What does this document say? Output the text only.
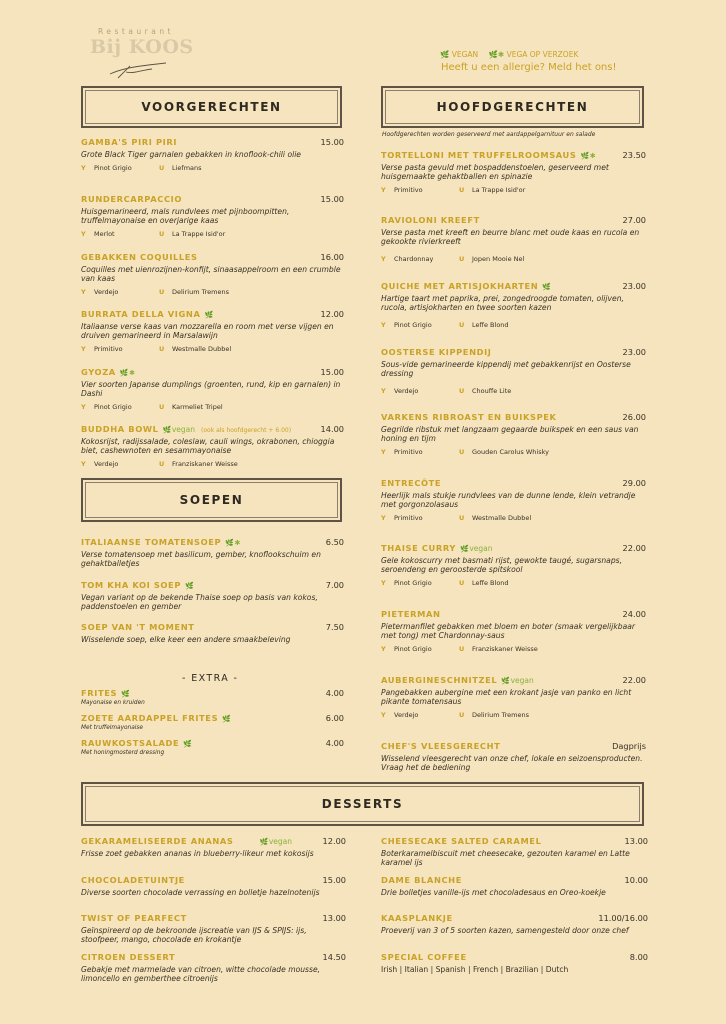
Restaurant
Bij KOOS	🌿 VEGAN 🌿✱ VEGA OP VERZOEK
Heeft u een allergie? Meld het ons!
VOORGERECHTEN	HOOFDGERECHTEN
Hoofdgerechten worden geserveerd met aardappelgarnituur en salade
SOEPEN
- EXTRA -
DESSERTS
GAMBA'S PIRI PIRI	15.00
Grote Black Tiger garnalen gebakken in knoflook-chili olie
Y Pinot Grigio	U Liefmans
RUNDERCARPACCIO	15.00
Huisgemarineerd, mals rundvlees met pijnboompitten, truffelmayonaise en overjarige kaas
Y Merlot	U La Trappe Isid'or
GEBAKKEN COQUILLES	16.00
Coquilles met uienrozijnen-konfijt, sinaasappelroom en een crumble van kaas
Y Verdejo	U Delirium Tremens
BURRATA DELLA VIGNA 🌿	12.00
Italiaanse verse kaas van mozzarella en room met verse vijgen en druiven gemarineerd in Marsalawijn
Y Primitivo	U Westmalle Dubbel
GYOZA 🌿✱	15.00
Vier soorten Japanse dumplings (groenten, rund, kip en garnalen) in Dashi
Y Pinot Grigio	U Karmeliet Tripel
BUDDHA BOWL 🌿vegan (ook als hoofdgerecht + 6.00)	14.00
Kokosrijst, radijssalade, coleslaw, cauli wings, okrabonen, chioggia biet, cashewnoten en sesammayonaise
Y Verdejo	U Franziskaner Weisse
ITALIAANSE TOMATENSOEP 🌿✱	6.50
Verse tomatensoep met basilicum, gember, knoflookschuim en gehaktballetjes
TOM KHA KOI SOEP 🌿	7.00
Vegan variant op de bekende Thaise soep op basis van kokos, paddenstoelen en gember
SOEP VAN 'T MOMENT	7.50
Wisselende soep, elke keer een andere smaakbeleving
FRITES 🌿	4.00
Mayonaise en kruiden
ZOETE AARDAPPEL FRITES 🌿	6.00
Met truffelmayonaise
RAUWKOSTSALADE 🌿	4.00
Met honingmosterd dressing
TORTELLONI MET TRUFFELROOMSAUS 🌿✱	23.50
Verse pasta gevuld met bospaddenstoelen, geserveerd met huisgemaakte gehaktballen en spinazie
Y Primitivo	U La Trappe Isid'or
RAVIOLONI KREEFT	27.00
Verse pasta met kreeft en beurre blanc met oude kaas en rucola en gekookte rivierkreeft
Y Chardonnay	U Jopen Mooie Nel
QUICHE MET ARTISJOKHARTEN 🌿	23.00
Hartige taart met paprika, prei, zongedroogde tomaten, olijven, rucola, artisjokharten en twee soorten kazen
Y Pinot Grigio	U Leffe Blond
OOSTERSE KIPPENDIJ	23.00
Sous-vide gemarineerde kippendij met gebakkenrijst en Oosterse dressing
Y Verdejo	U Chouffe Lite
VARKENS RIBROAST EN BUIKSPEK	26.00
Gegrilde ribstuk met langzaam gegaarde buikspek en een saus van honing en tijm
Y Primitivo	U Gouden Carolus Whisky
ENTRECÔTE	29.00
Heerlijk mals stukje rundvlees van de dunne lende, klein vetrandje met gorgonzolasaus
Y Primitivo	U Westmalle Dubbel
THAISE CURRY 🌿vegan	22.00
Gele kokoscurry met basmati rijst, gewokte taugé, sugarsnaps, seroendeng en geroosterde spitskool
Y Pinot Grigio	U Leffe Blond
PIETERMAN	24.00
Pietermanfilet gebakken met bloem en boter (smaak vergelijkbaar met tong) met Chardonnay-saus
Y Pinot Grigio	U Franziskaner Weisse
AUBERGINESCHNITZEL 🌿vegan	22.00
Pangebakken aubergine met een krokant jasje van panko en licht pikante tomatensaus
Y Verdejo	U Delirium Tremens
CHEF'S VLEESGERECHT	Dagprijs
Wisselend vleesgerecht van onze chef, lokale en seizoensproducten. Vraag het de bediening
GEKARAMELISEERDE ANANAS	🌿vegan	12.00
Frisse zoet gebakken ananas in blueberry-likeur met kokosijs
CHOCOLADETUINTJE	15.00
Diverse soorten chocolade verrassing en bolletje hazelnotenijs
TWIST OF PEARFECT	13.00
Geïnspireerd op de bekroonde ijscreatie van IJS & SPIJS: ijs, stoofpeer, mango, chocolade en krokantje
CITROEN DESSERT	14.50
Gebakje met marmelade van citroen, witte chocolade mousse, limoncello en gemberthee citroenijs
CHEESECAKE SALTED CARAMEL	13.00
Boterkaramelbiscuit met cheesecake, gezouten karamel en Latte karamel ijs
DAME BLANCHE	10.00
Drie bolletjes vanille-ijs met chocoladesaus en Oreo-koekje
KAASPLANKJE	11.00/16.00
Proeverij van 3 of 5 soorten kazen, samengesteld door onze chef
SPECIAL COFFEE	8.00
Irish | Italian | Spanish | French | Brazilian | Dutch
